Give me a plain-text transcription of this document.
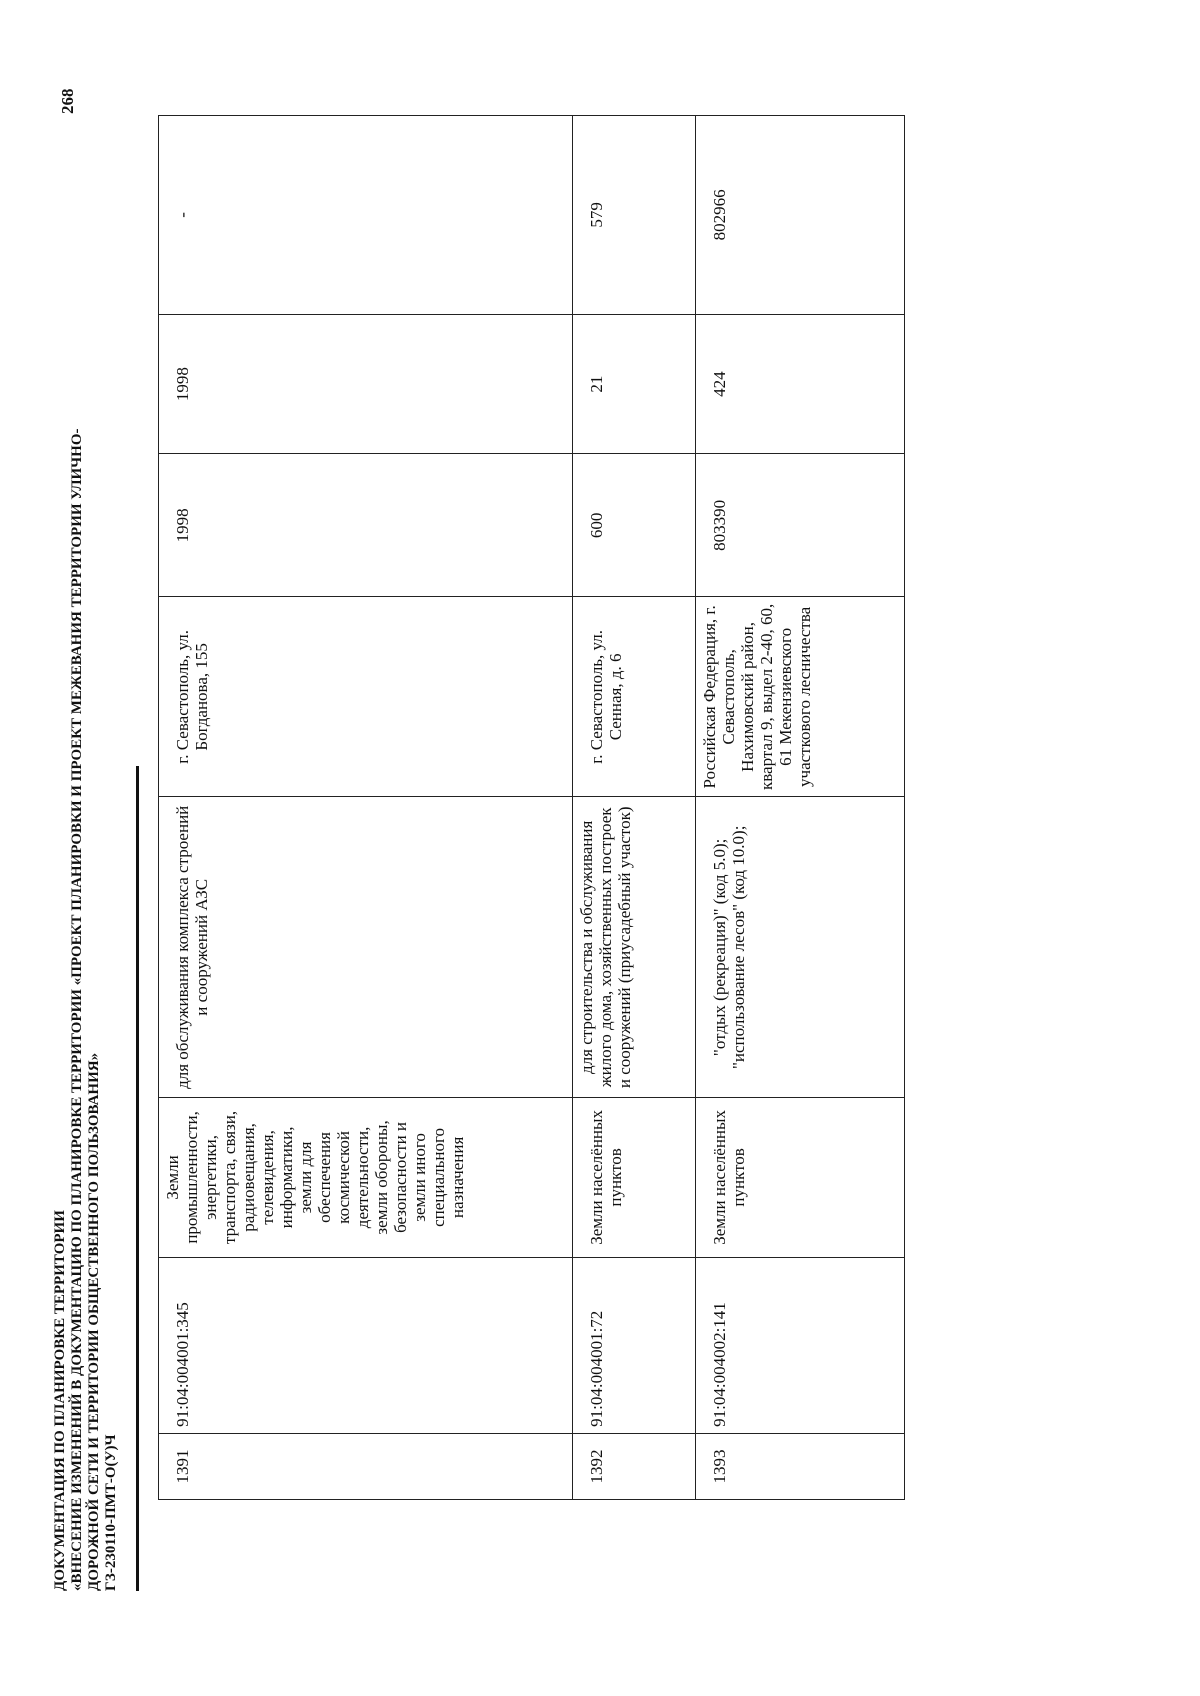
ДОКУМЕНТАЦИЯ ПО ПЛАНИРОВКЕ ТЕРРИТОРИИ «ВНЕСЕНИЕ ИЗМЕНЕНИЙ В ДОКУМЕНТАЦИЮ ПО ПЛАНИРОВКЕ ТЕРРИТОРИИ «ПРОЕКТ ПЛАНИРОВКИ И ПРОЕКТ МЕЖЕВАНИЯ ТЕРРИТОРИИ УЛИЧНО- ДОРОЖНОЙ СЕТИ И ТЕРРИТОРИИ ОБЩЕСТВЕННОГО ПОЛЬЗОВАНИЯ» ГЗ-230110-ПМТ-О(У)Ч
268
1391	91:04:004001:345	Земли промышленности, энергетики, транспорта, связи, радиовещания, телевидения, информатики, земли для обеспечения космической деятельности, земли обороны, безопасности и земли иного специального назначения	для обслуживания комплекса строений и сооружений АЗС	г. Севастополь, ул. Богданова, 155	1998	1998	-
1392	91:04:004001:72	Земли населённых пунктов	для строительства и обслуживания жилого дома, хозяйственных построек и сооружений (приусадебный участок)	г. Севастополь, ул. Сенная, д. 6	600	21	579
1393	91:04:004002:141	Земли населённых пунктов	"отдых (рекреация)" (код 5.0); "использование лесов" (код 10.0);	Российская Федерация, г. Севастополь, Нахимовский район, квартал 9, выдел 2-40, 60, 61 Мекензиевского участкового лесничества	803390	424	802966
